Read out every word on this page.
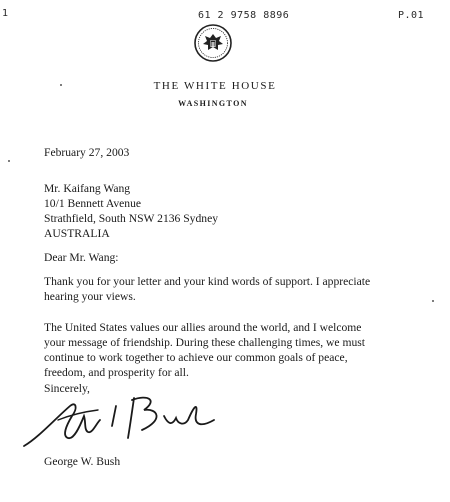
1	61 2 9758 8896	P.01
THE WHITE HOUSE
WASHINGTON
February 27, 2003
Mr. Kaifang Wang
10/1 Bennett Avenue
Strathfield, South NSW 2136 Sydney
AUSTRALIA
Dear Mr. Wang:
Thank you for your letter and your kind words of support. I appreciate
hearing your views.
The United States values our allies around the world, and I welcome
your message of friendship. During these challenging times, we must
continue to work together to achieve our common goals of peace,
freedom, and prosperity for all.
Sincerely,
George W. Bush
